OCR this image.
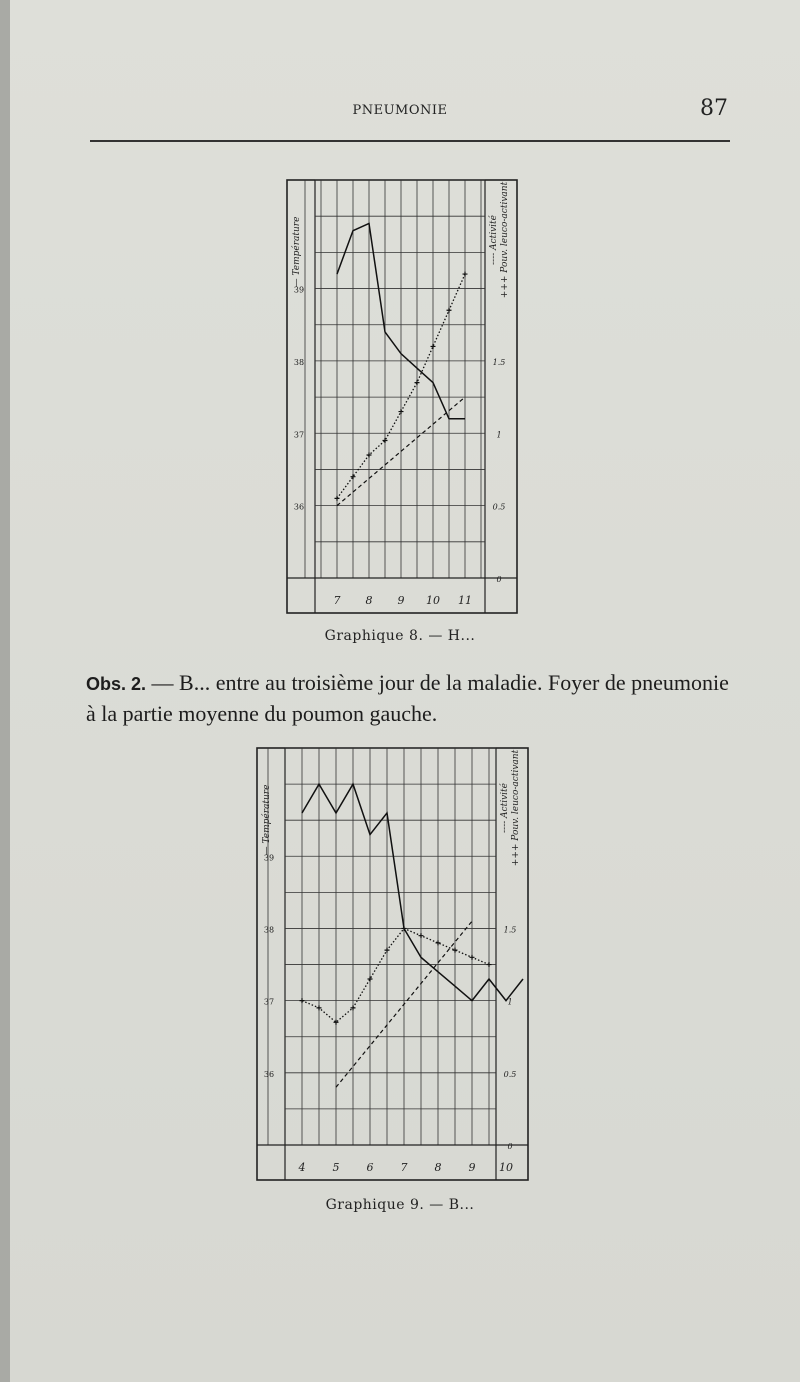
PNEUMONIE	87
7 8 9 10 11
39
38
37
36
1.5
1
0.5
0
— Température	---- Activité +++ Pouv. leuco-activant
4 5 6 7 8 9 10
39
38
37
36
1.5
1
0.5
0
— Température	---- Activité +++ Pouv. leuco-activant
Graphique 8. — H...
Obs. 2. — B... entre au troisième jour de la maladie. Foyer de pneumonie à la partie moyenne du poumon gauche.
Graphique 9. — B...
